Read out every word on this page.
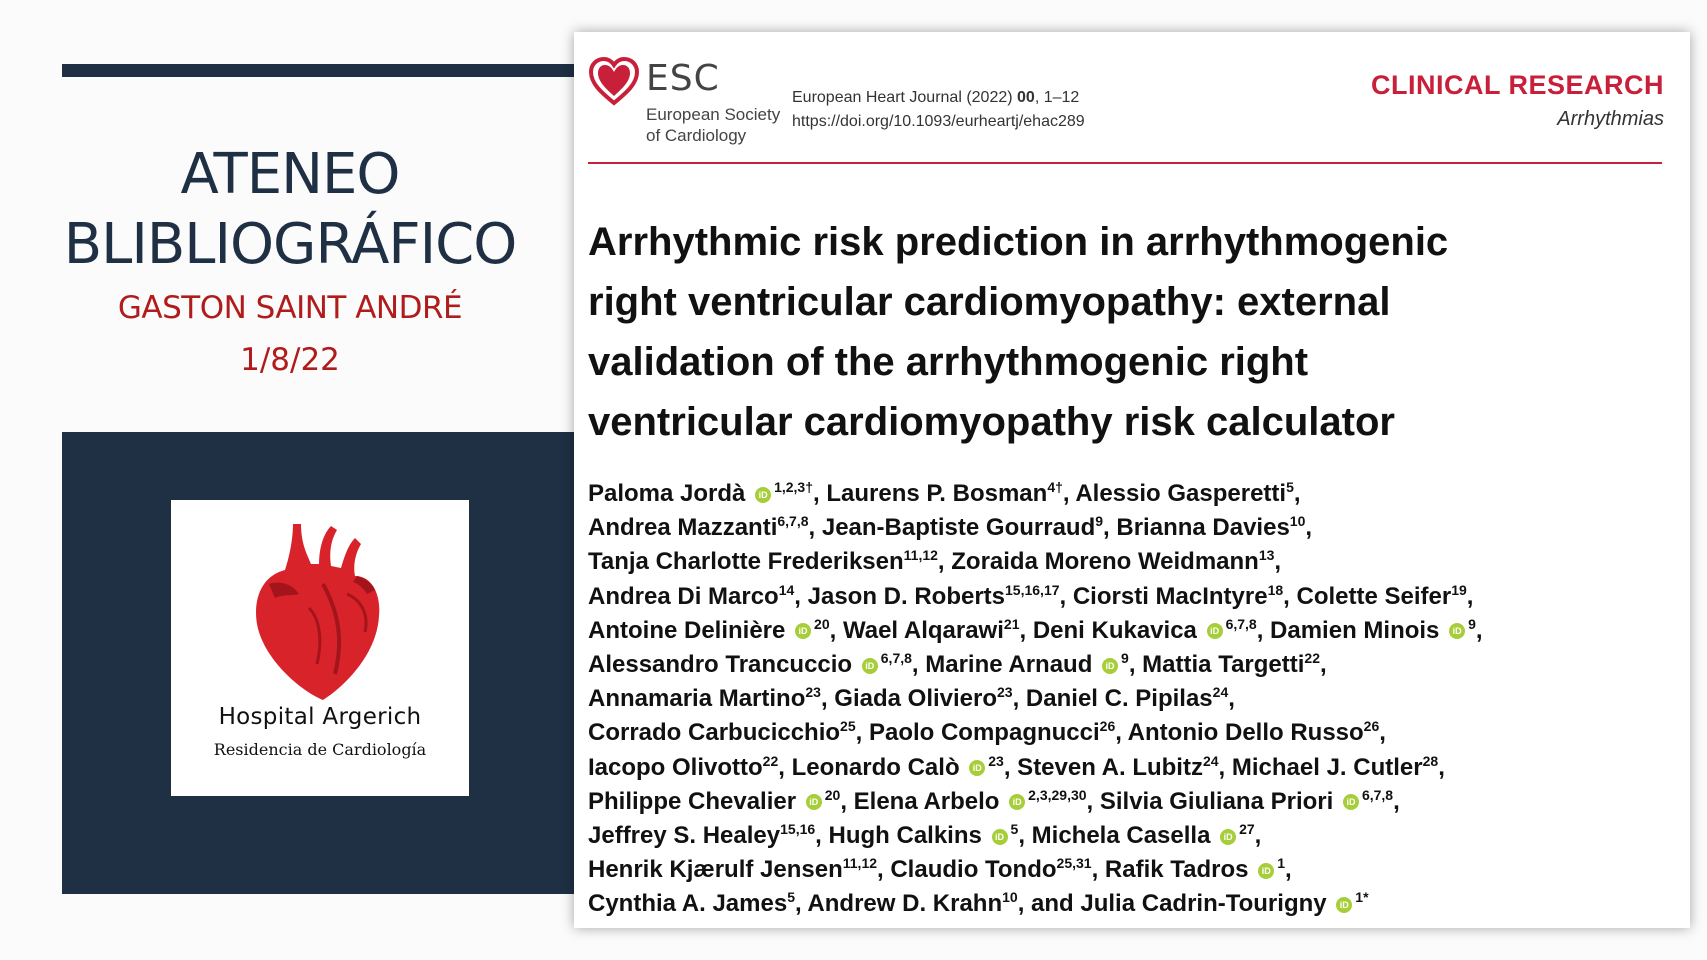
ATENEO
BLIBLIOGRÁFICO
GASTON SAINT ANDRÉ
1/8/22
Hospital Argerich
Residencia de Cardiología
ESC
European Society
of Cardiology
European Heart Journal (2022) 00, 1–12
https://doi.org/10.1093/eurheartj/ehac289
CLINICAL RESEARCH
Arrhythmias
Arrhythmic risk prediction in arrhythmogenic
right ventricular cardiomyopathy: external
validation of the arrhythmogenic right
ventricular cardiomyopathy risk calculator
Paloma Jordà iD $^{1,2,3\dagger}$, Laurens P. Bosman$^{4\dagger}$, Alessio Gasperetti$^5$,
Andrea Mazzanti$^{6,7,8}$, Jean-Baptiste Gourraud$^9$, Brianna Davies$^{10}$,
Tanja Charlotte Frederiksen$^{11,12}$, Zoraida Moreno Weidmann$^{13}$,
Andrea Di Marco$^{14}$, Jason D. Roberts$^{15,16,17}$, Ciorsti MacIntyre$^{18}$, Colette Seifer$^{19}$,
Antoine Delinière iD $^{20}$, Wael Alqarawi$^{21}$, Deni Kukavica iD $^{6,7,8}$, Damien Minois iD $^9$,
Alessandro Trancuccio iD $^{6,7,8}$, Marine Arnaud iD $^9$, Mattia Targetti$^{22}$,
Annamaria Martino$^{23}$, Giada Oliviero$^{23}$, Daniel C. Pipilas$^{24}$,
Corrado Carbucicchio$^{25}$, Paolo Compagnucci$^{26}$, Antonio Dello Russo$^{26}$,
Iacopo Olivotto$^{22}$, Leonardo Calò iD $^{23}$, Steven A. Lubitz$^{24}$, Michael J. Cutler$^{28}$,
Philippe Chevalier iD $^{20}$, Elena Arbelo iD $^{2,3,29,30}$, Silvia Giuliana Priori iD $^{6,7,8}$,
Jeffrey S. Healey$^{15,16}$, Hugh Calkins iD $^5$, Michela Casella iD $^{27}$,
Henrik Kjærulf Jensen$^{11,12}$, Claudio Tondo$^{25,31}$, Rafik Tadros iD $^1$,
Cynthia A. James$^5$, Andrew D. Krahn$^{10}$, and Julia Cadrin-Tourigny iD $^{1*}$
